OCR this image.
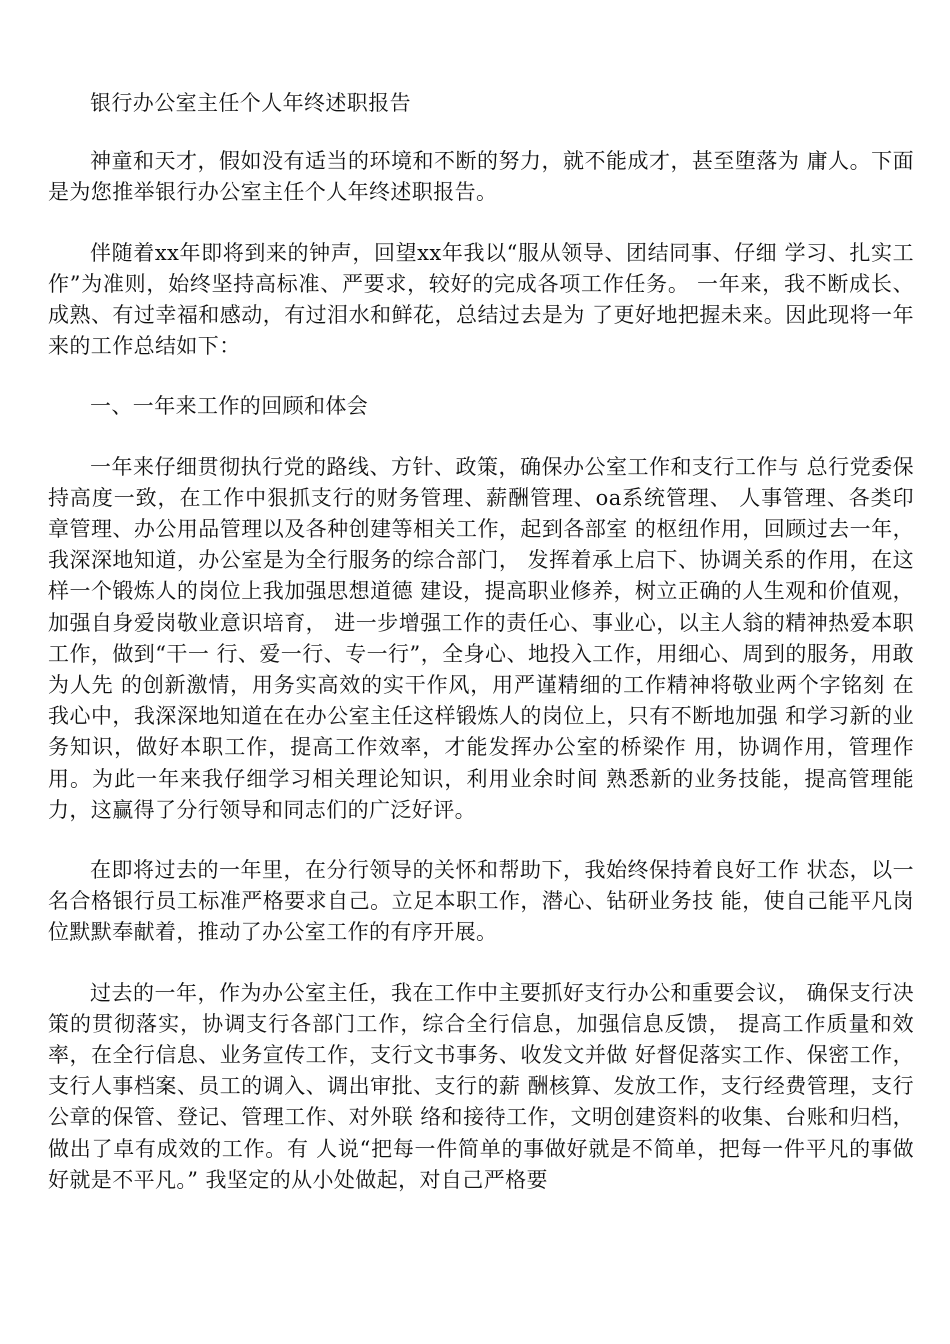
银行办公室主任个人年终述职报告

神童和天才，假如没有适当的环境和不断的努力，就不能成才，甚至堕落为 庸人。下面是为您推举银行办公室主任个人年终述职报告。

伴随着xx年即将到来的钟声，回望xx年我以“服从领导、团结同事、仔细 学习、扎实工作”为准则，始终坚持高标准、严要求，较好的完成各项工作任务。 一年来，我不断成长、成熟、有过幸福和感动，有过泪水和鲜花，总结过去是为 了更好地把握未来。因此现将一年来的工作总结如下：

一、一年来工作的回顾和体会

一年来仔细贯彻执行党的路线、方针、政策，确保办公室工作和支行工作与 总行党委保持高度一致，在工作中狠抓支行的财务管理、薪酬管理、oa系统管理、 人事管理、各类印章管理、办公用品管理以及各种创建等相关工作，起到各部室 的枢纽作用，回顾过去一年，我深深地知道，办公室是为全行服务的综合部门， 发挥着承上启下、协调关系的作用，在这样一个锻炼人的岗位上我加强思想道德 建设，提高职业修养，树立正确的人生观和价值观，加强自身爱岗敬业意识培育， 进一步增强工作的责任心、事业心，以主人翁的精神热爱本职工作，做到“干一 行、爱一行、专一行”，全身心、地投入工作，用细心、周到的服务，用敢为人先 的创新激情，用务实高效的实干作风，用严谨精细的工作精神将敬业两个字铭刻 在我心中，我深深地知道在在办公室主任这样锻炼人的岗位上，只有不断地加强 和学习新的业务知识，做好本职工作，提高工作效率，才能发挥办公室的桥梁作 用，协调作用，管理作用。为此一年来我仔细学习相关理论知识，利用业余时间 熟悉新的业务技能，提高管理能力，这赢得了分行领导和同志们的广泛好评。

在即将过去的一年里，在分行领导的关怀和帮助下，我始终保持着良好工作 状态，以一名合格银行员工标准严格要求自己。立足本职工作，潜心、钻研业务技 能，使自己能平凡岗位默默奉献着，推动了办公室工作的有序开展。

过去的一年，作为办公室主任，我在工作中主要抓好支行办公和重要会议， 确保支行决策的贯彻落实，协调支行各部门工作，综合全行信息，加强信息反馈， 提高工作质量和效率，在全行信息、业务宣传工作，支行文书事务、收发文并做 好督促落实工作、保密工作，支行人事档案、员工的调入、调出审批、支行的薪 酬核算、发放工作，支行经费管理，支行公章的保管、登记、管理工作、对外联 络和接待工作，文明创建资料的收集、台账和归档，做出了卓有成效的工作。有 人说“把每一件简单的事做好就是不简单，把每一件平凡的事做好就是不平凡。” 我坚定的从小处做起，对自己严格要
